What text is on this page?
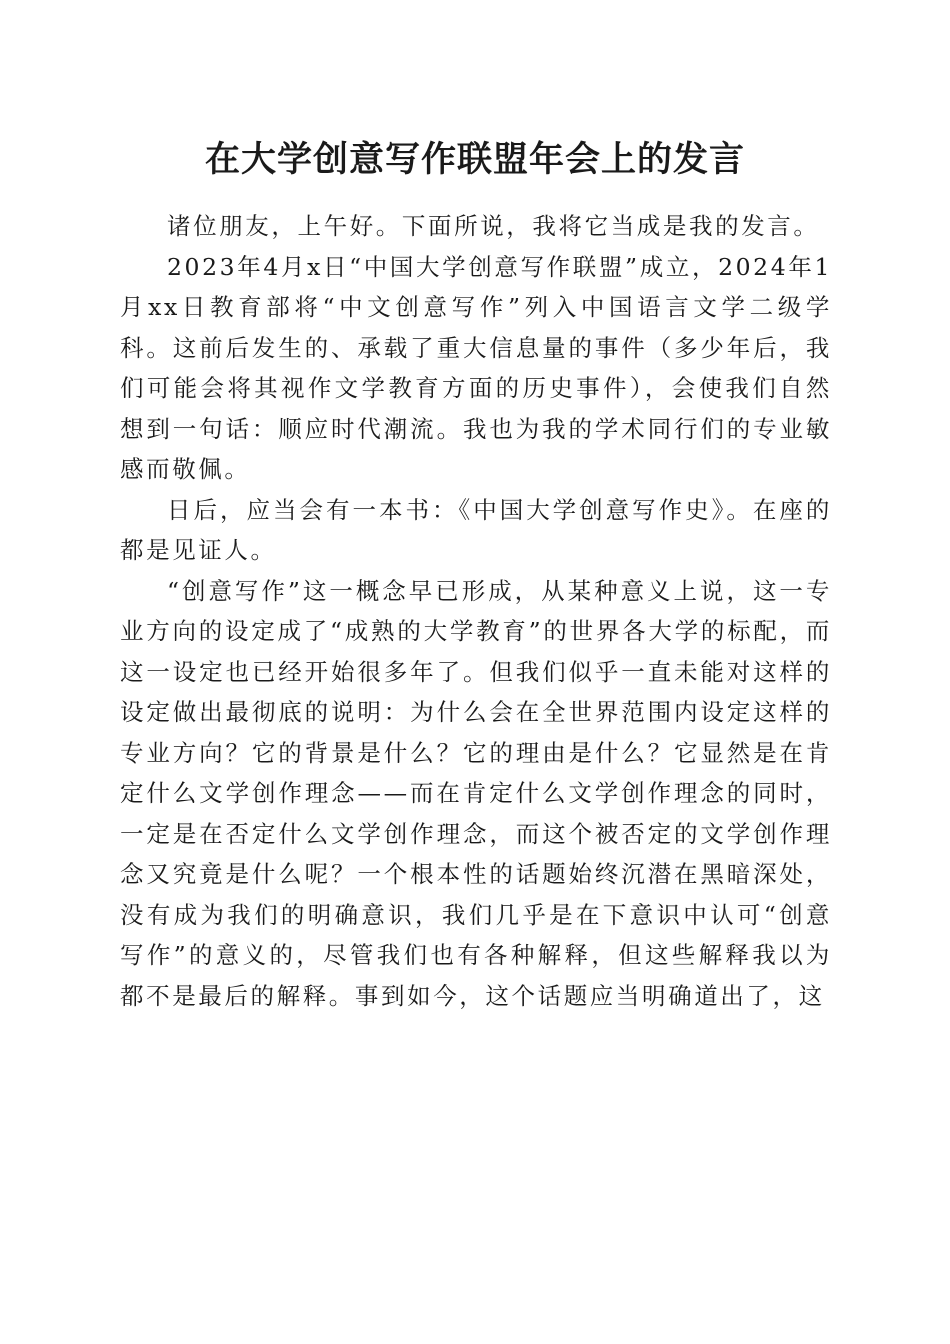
在大学创意写作联盟年会上的发言

诸位朋友，上午好。下面所说，我将它当成是我的发言。

2023年4月x日“中国大学创意写作联盟”成立，2024年1月xx日教育部将“中文创意写作”列入中国语言文学二级学科。这前后发生的、承载了重大信息量的事件（多少年后，我们可能会将其视作文学教育方面的历史事件），会使我们自然想到一句话：顺应时代潮流。我也为我的学术同行们的专业敏感而敬佩。

日后，应当会有一本书：《中国大学创意写作史》。在座的都是见证人。

“创意写作”这一概念早已形成，从某种意义上说，这一专业方向的设定成了“成熟的大学教育”的世界各大学的标配，而这一设定也已经开始很多年了。但我们似乎一直未能对这样的设定做出最彻底的说明：为什么会在全世界范围内设定这样的专业方向？它的背景是什么？它的理由是什么？它显然是在肯定什么文学创作理念——而在肯定什么文学创作理念的同时，一定是在否定什么文学创作理念，而这个被否定的文学创作理念又究竟是什么呢？一个根本性的话题始终沉潜在黑暗深处，没有成为我们的明确意识，我们几乎是在下意识中认可“创意写作”的意义的，尽管我们也有各种解释，但这些解释我以为都不是最后的解释。事到如今，这个话题应当明确道出了，这
